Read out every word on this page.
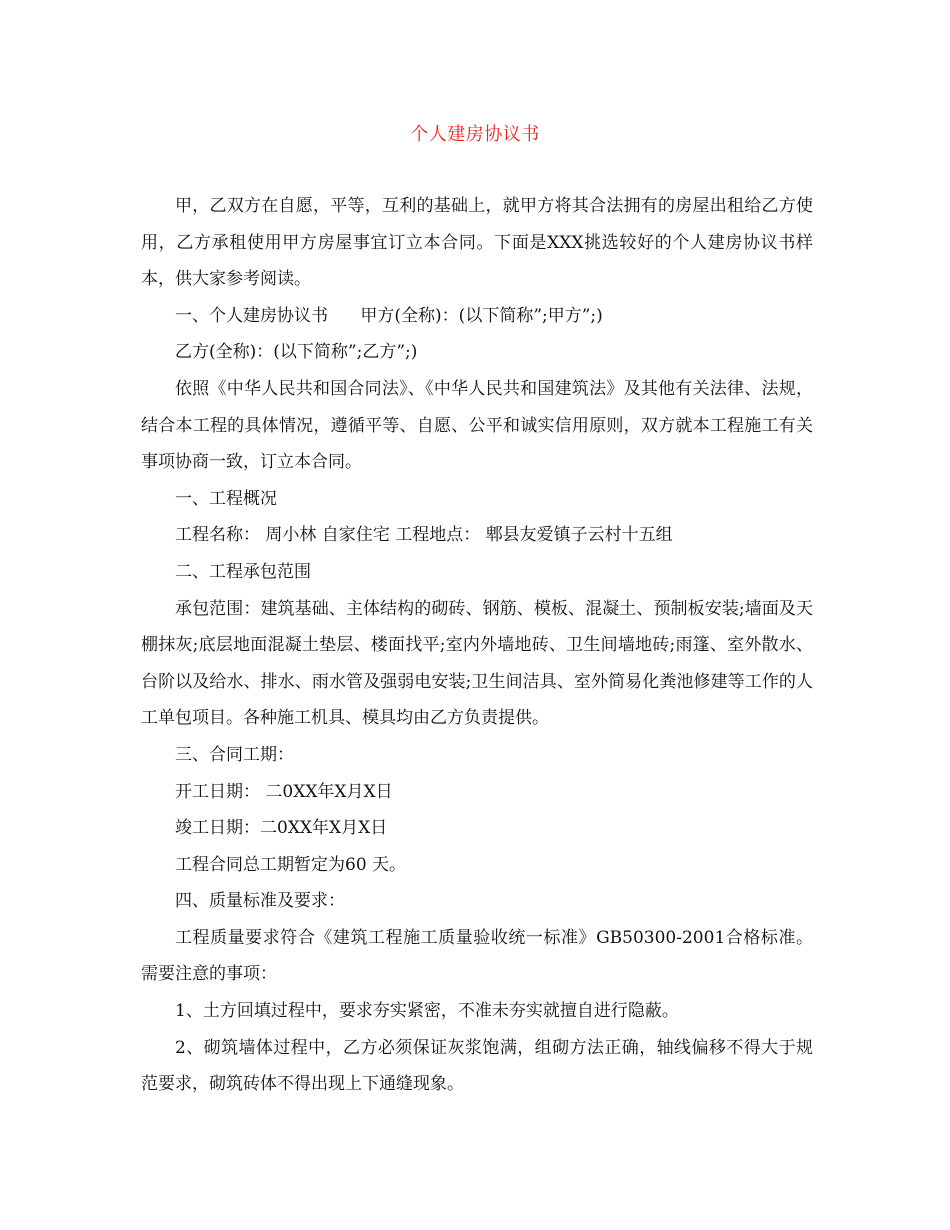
个人建房协议书

甲，乙双方在自愿，平等，互利的基础上，就甲方将其合法拥有的房屋出租给乙方使用，乙方承租使用甲方房屋事宜订立本合同。下面是XXX挑选较好的个人建房协议书样本，供大家参考阅读。

一、个人建房协议书      甲方(全称)：(以下简称”;甲方”;)

乙方(全称)：(以下简称”;乙方”;)

依照《中华人民共和国合同法》、《中华人民共和国建筑法》及其他有关法律、法规，结合本工程的具体情况，遵循平等、自愿、公平和诚实信用原则，双方就本工程施工有关事项协商一致，订立本合同。

一、工程概况

工程名称： 周小林 自家住宅 工程地点： 郫县友爱镇子云村十五组

二、工程承包范围

承包范围：建筑基础、主体结构的砌砖、钢筋、模板、混凝土、预制板安装;墙面及天棚抹灰;底层地面混凝土垫层、楼面找平;室内外墙地砖、卫生间墙地砖;雨篷、室外散水、台阶以及给水、排水、雨水管及强弱电安装;卫生间洁具、室外简易化粪池修建等工作的人工单包项目。各种施工机具、模具均由乙方负责提供。

三、合同工期：

开工日期： 二0XX年X月X日

竣工日期：二0XX年X月X日

工程合同总工期暂定为60 天。

四、质量标准及要求：

工程质量要求符合《建筑工程施工质量验收统一标准》GB50300-2001合格标准。 需要注意的事项：

1、土方回填过程中，要求夯实紧密，不准未夯实就擅自进行隐蔽。

2、砌筑墙体过程中，乙方必须保证灰浆饱满，组砌方法正确，轴线偏移不得大于规范要求，砌筑砖体不得出现上下通缝现象。
